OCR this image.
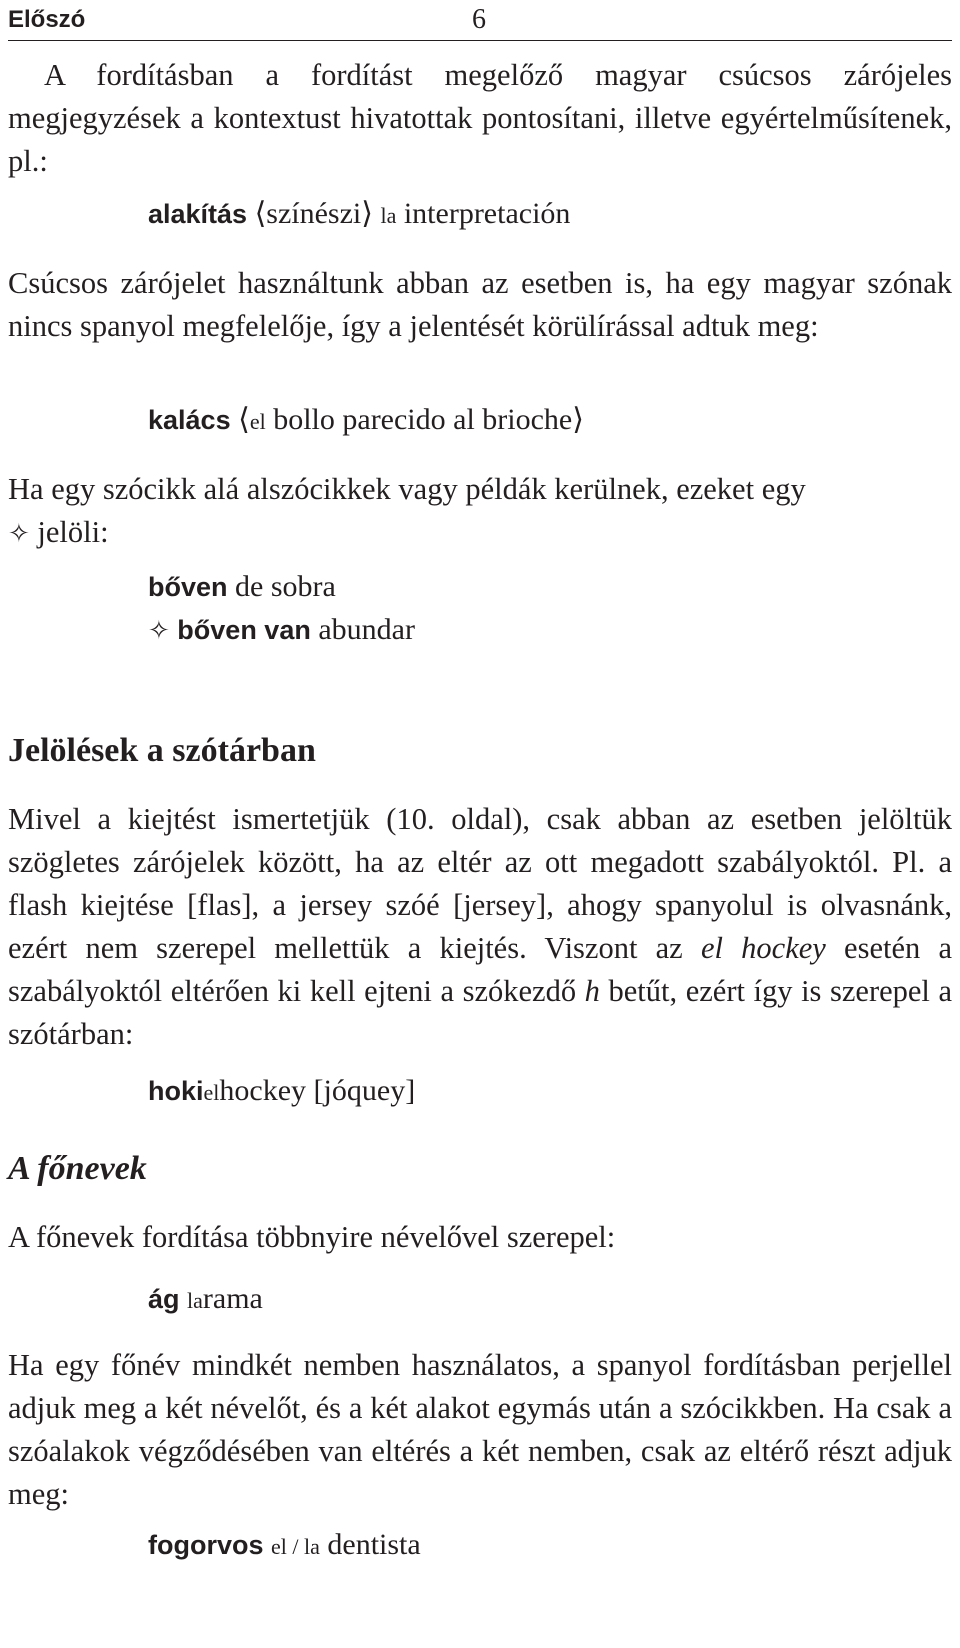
Előszó	6

A fordításban a fordítást megelőző magyar csúcsos zárójeles megjegyzések a kontextust hivatottak pontosítani, illetve egyértelműsítenek, pl.:

alakítás ⟨színészi⟩ la interpretación

Csúcsos zárójelet használtunk abban az esetben is, ha egy magyar szónak nincs spanyol megfelelője, így a jelentését körülírással adtuk meg:

kalács ⟨el bollo parecido al brioche⟩

Ha egy szócikk alá alszócikkek vagy példák kerülnek, ezeket egy
✧ jelöli:

bőven de sobra
✧ bőven van abundar
Jelölések a szótárban

Mivel a kiejtést ismertetjük (10. oldal), csak abban az esetben jelöltük szögletes zárójelek között, ha az eltér az ott megadott szabályoktól. Pl. a flash kiejtése [flas], a jersey szóé [jersey], ahogy spanyolul is olvasnánk, ezért nem szerepel mellettük a kiejtés. Viszont az el hockey esetén a szabályoktól eltérően ki kell ejteni a szókezdő h betűt, ezért így is szerepel a szótárban:

hokielhockey [jóquey]
A főnevek

A főnevek fordítása többnyire névelővel szerepel:

ág larama

Ha egy főnév mindkét nemben használatos, a spanyol fordításban perjellel adjuk meg a két névelőt, és a két alakot egymás után a szócikkben. Ha csak a szóalakok végződésében van eltérés a két nemben, csak az eltérő részt adjuk meg:

fogorvos el / la dentista
